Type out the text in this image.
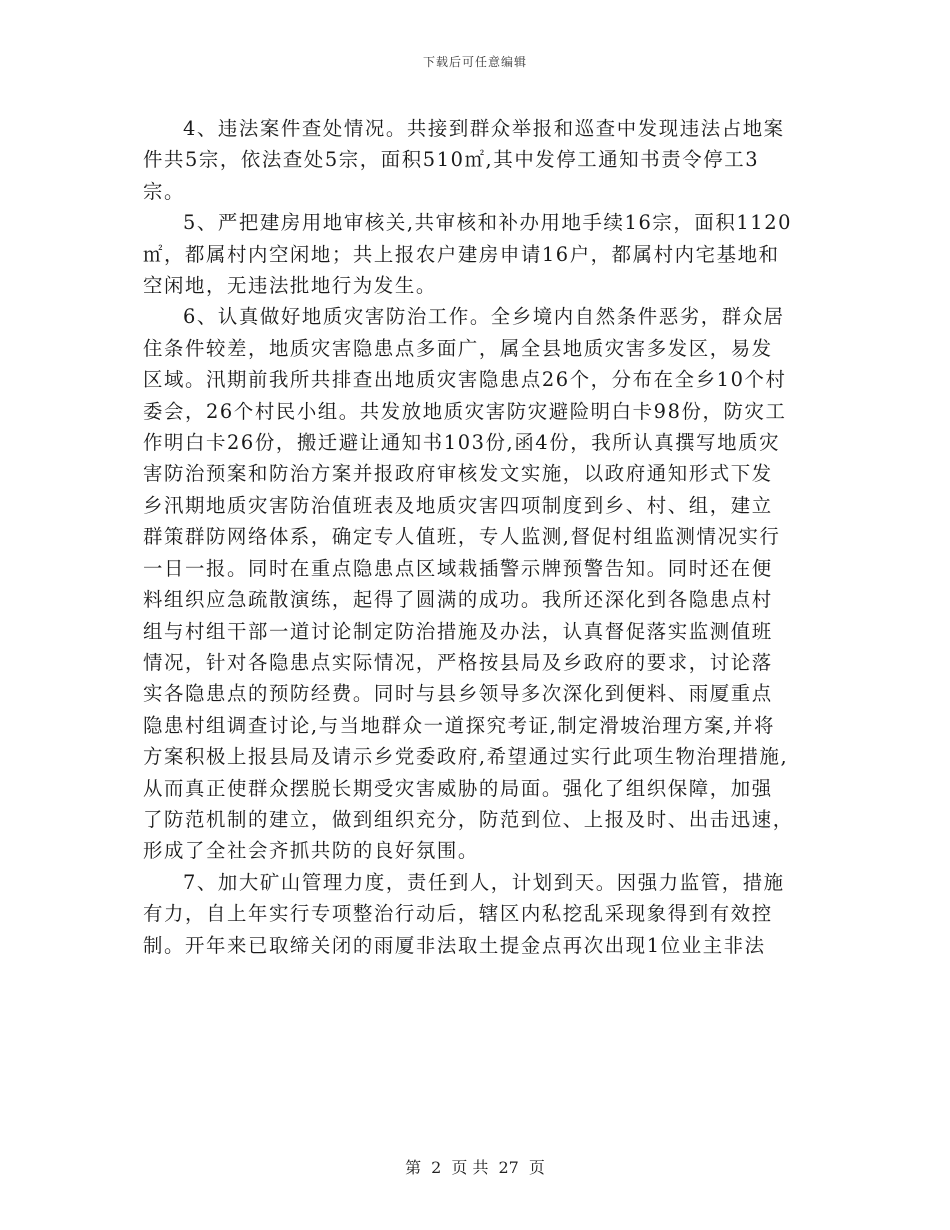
下载后可任意编辑

4、违法案件查处情况。共接到群众举报和巡查中发现违法占地案
件共5宗，依法查处5宗，面积510㎡,其中发停工通知书责令停工3
宗。

5、严把建房用地审核关,共审核和补办用地手续16宗，面积1120
㎡，都属村内空闲地；共上报农户建房申请16户，都属村内宅基地和
空闲地，无违法批地行为发生。

6、认真做好地质灾害防治工作。全乡境内自然条件恶劣，群众居
住条件较差，地质灾害隐患点多面广，属全县地质灾害多发区，易发
区域。汛期前我所共排查出地质灾害隐患点26个，分布在全乡10个村
委会，26个村民小组。共发放地质灾害防灾避险明白卡98份，防灾工
作明白卡26份，搬迁避让通知书103份,函4份，我所认真撰写地质灾
害防治预案和防治方案并报政府审核发文实施，以政府通知形式下发
乡汛期地质灾害防治值班表及地质灾害四项制度到乡、村、组，建立
群策群防网络体系，确定专人值班，专人监测,督促村组监测情况实行
一日一报。同时在重点隐患点区域栽插警示牌预警告知。同时还在便
料组织应急疏散演练，起得了圆满的成功。我所还深化到各隐患点村
组与村组干部一道讨论制定防治措施及办法，认真督促落实监测值班
情况，针对各隐患点实际情况，严格按县局及乡政府的要求，讨论落
实各隐患点的预防经费。同时与县乡领导多次深化到便料、雨厦重点
隐患村组调查讨论,与当地群众一道探究考证,制定滑坡治理方案,并将
方案积极上报县局及请示乡党委政府,希望通过实行此项生物治理措施,
从而真正使群众摆脱长期受灾害威胁的局面。强化了组织保障，加强
了防范机制的建立，做到组织充分，防范到位、上报及时、出击迅速，
形成了全社会齐抓共防的良好氛围。

7、加大矿山管理力度，责任到人，计划到天。因强力监管，措施
有力，自上年实行专项整治行动后，辖区内私挖乱采现象得到有效控
制。开年来已取缔关闭的雨厦非法取土提金点再次出现1位业主非法

第 2 页 共 27 页
